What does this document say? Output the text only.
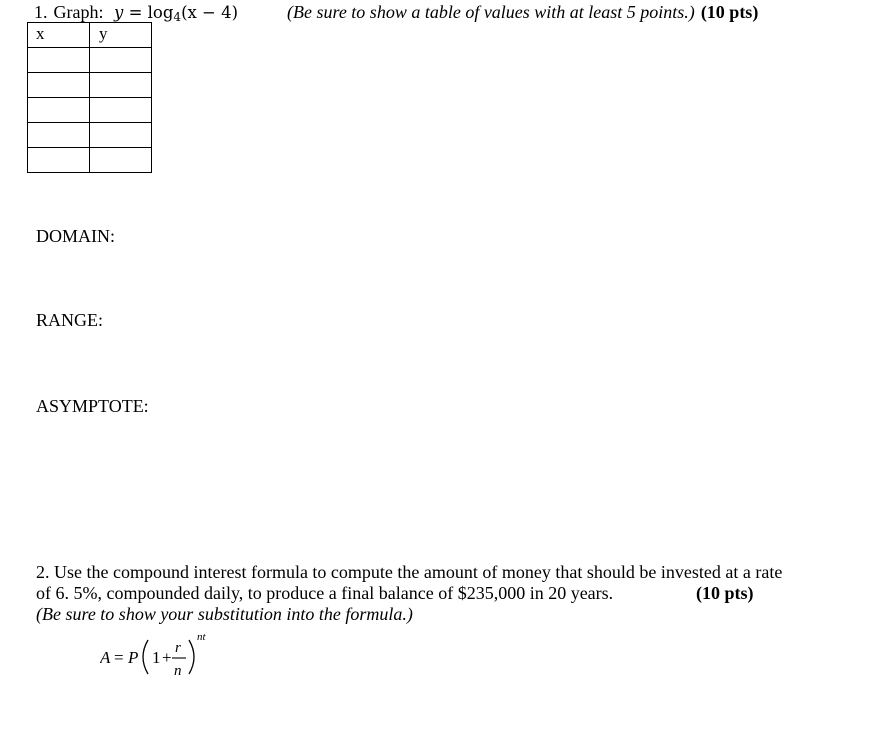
1. Graph: $y = \log_4(x - 4)$	(Be sure to show a table of values with at least 5 points.) (10 pts)
x	y

DOMAIN:
RANGE:
ASYMPTOTE:
2. Use the compound interest formula to compute the amount of money that should be invested at a rate
of 6. 5%, compounded daily, to produce a final balance of $235,000 in 20 years.	(10 pts)
(Be sure to show your substitution into the formula.)
A = P 1 + r
n
nt
